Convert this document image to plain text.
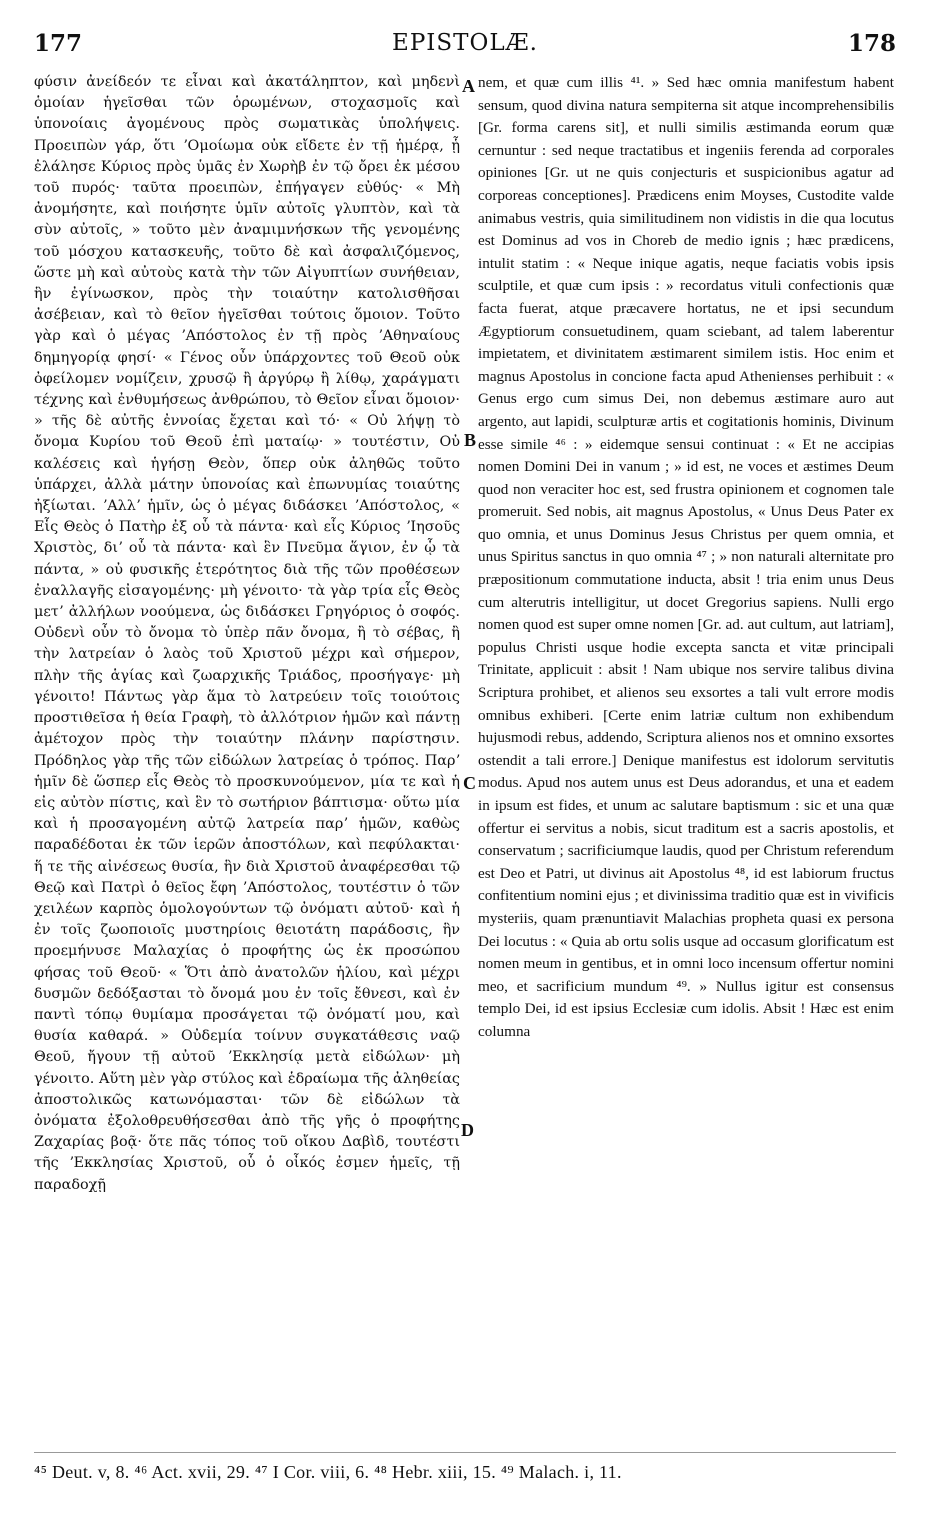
177	EPISTOLÆ.	178

φύσιν ἀνείδεόν τε εἶναι καὶ ἀκατάληπτον, καὶ μηδενὶ ὁμοίαν ἡγεῖσθαι τῶν ὁρωμένων, στοχασμοῖς καὶ ὑπονοίαις ἀγομένους πρὸς σωματικὰς ὑπολήψεις. Προειπὼν γάρ, ὅτι ʼΟμοίωμα οὐκ εἴδετε ἐν τῇ ἡμέρᾳ, ᾗ ἐλάλησε Κύριος πρὸς ὑμᾶς ἐν Χωρὴβ ἐν τῷ ὄρει ἐκ μέσου τοῦ πυρός· ταῦτα προειπὼν, ἐπήγαγεν εὐθύς· « Μὴ ἀνομήσητε, καὶ ποιήσητε ὑμῖν αὐτοῖς γλυπτὸν, καὶ τὰ σὺν αὐτοῖς, » τοῦτο μὲν ἀναμιμνήσκων τῆς γενομένης τοῦ μόσχου κατασκευῆς, τοῦτο δὲ καὶ ἀσφαλιζόμενος, ὥστε μὴ καὶ αὐτοὺς κατὰ τὴν τῶν Αἰγυπτίων συνήθειαν, ἣν ἐγίνωσκον, πρὸς τὴν τοιαύτην κατολισθῆσαι ἀσέβειαν, καὶ τὸ θεῖον ἡγεῖσθαι τούτοις ὅμοιον. Τοῦτο γὰρ καὶ ὁ μέγας ʼΑπόστολος ἐν τῇ πρὸς ʼΑθηναίους δημηγορίᾳ φησί· « Γένος οὖν ὑπάρχοντες τοῦ Θεοῦ οὐκ ὀφείλομεν νομίζειν, χρυσῷ ἢ ἀργύρῳ ἢ λίθῳ, χαράγματι τέχνης καὶ ἐνθυμήσεως ἀνθρώπου, τὸ Θεῖον εἶναι ὅμοιον· » τῆς δὲ αὐτῆς ἐννοίας ἔχεται καὶ τό· « Οὐ λήψῃ τὸ ὄνομα Κυρίου τοῦ Θεοῦ ἐπὶ ματαίῳ· » τουτέστιν, Οὐ καλέσεις καὶ ἡγήσῃ Θεὸν, ὅπερ οὐκ ἀληθῶς τοῦτο ὑπάρχει, ἀλλὰ μάτην ὑπονοίας καὶ ἐπωνυμίας τοιαύτης ἠξίωται. ʼΑλλʼ ἡμῖν, ὡς ὁ μέγας διδάσκει ʼΑπόστολος, « Εἷς Θεὸς ὁ Πατὴρ ἐξ οὗ τὰ πάντα· καὶ εἷς Κύριος ʼΙησοῦς Χριστὸς, διʼ οὗ τὰ πάντα· καὶ ἓν Πνεῦμα ἅγιον, ἐν ᾧ τὰ πάντα, » οὐ φυσικῆς ἑτερότητος διὰ τῆς τῶν προθέσεων ἐναλλαγῆς εἰσαγομένης· μὴ γένοιτο· τὰ γὰρ τρία εἷς Θεὸς μετʼ ἀλλήλων νοούμενα, ὡς διδάσκει Γρηγόριος ὁ σοφός. Οὐδενὶ οὖν τὸ ὄνομα τὸ ὑπὲρ πᾶν ὄνομα, ἢ τὸ σέβας, ἢ τὴν λατρείαν ὁ λαὸς τοῦ Χριστοῦ μέχρι καὶ σήμερον, πλὴν τῆς ἁγίας καὶ ζωαρχικῆς Τριάδος, προσήγαγε· μὴ γένοιτο! Πάντως γὰρ ἅμα τὸ λατρεύειν τοῖς τοιούτοις προστιθεῖσα ἡ θεία Γραφὴ, τὸ ἀλλότριον ἡμῶν καὶ πάντῃ ἀμέτοχον πρὸς τὴν τοιαύτην πλάνην παρίστησιν. Πρόδηλος γὰρ τῆς τῶν εἰδώλων λατρείας ὁ τρόπος. Παρʼ ἡμῖν δὲ ὥσπερ εἷς Θεὸς τὸ προσκυνούμενον, μία τε καὶ ἡ εἰς αὐτὸν πίστις, καὶ ἓν τὸ σωτήριον βάπτισμα· οὕτω μία καὶ ἡ προσαγομένη αὐτῷ λατρεία παρʼ ἡμῶν, καθὼς παραδέδοται ἐκ τῶν ἱερῶν ἀποστόλων, καὶ πεφύλακται· ἥ τε τῆς αἰνέσεως θυσία, ἣν διὰ Χριστοῦ ἀναφέρεσθαι τῷ Θεῷ καὶ Πατρὶ ὁ θεῖος ἔφη ʼΑπόστολος, τουτέστιν ὁ τῶν χειλέων καρπὸς ὁμολογούντων τῷ ὀνόματι αὐτοῦ· καὶ ἡ ἐν τοῖς ζωοποιοῖς μυστηρίοις θειοτάτη παράδοσις, ἣν προεμήνυσε Μαλαχίας ὁ προφήτης ὡς ἐκ προσώπου φήσας τοῦ Θεοῦ· « Ὅτι ἀπὸ ἀνατολῶν ἡλίου, καὶ μέχρι δυσμῶν δεδόξασται τὸ ὄνομά μου ἐν τοῖς ἔθνεσι, καὶ ἐν παντὶ τόπῳ θυμίαμα προσάγεται τῷ ὀνόματί μου, καὶ θυσία καθαρά. » Οὐδεμία τοίνυν συγκατάθεσις ναῷ Θεοῦ, ἤγουν τῇ αὐτοῦ ʼΕκκλησίᾳ μετὰ εἰδώλων· μὴ γένοιτο. Αὕτη μὲν γὰρ στύλος καὶ ἑδραίωμα τῆς ἀληθείας ἀποστολικῶς κατωνόμασται· τῶν δὲ εἰδώλων τὰ ὀνόματα ἐξολοθρευθήσεσθαι ἀπὸ τῆς γῆς ὁ προφήτης Ζαχαρίας βοᾷ· ὅτε πᾶς τόπος τοῦ οἴκου Δαβὶδ, τουτέστι τῆς ʼΕκκλησίας Χριστοῦ, οὗ ὁ οἶκός ἐσμεν ἡμεῖς, τῇ παραδοχῇ

A
B
C
D

nem, et quæ cum illis ⁴¹. » Sed hæc omnia manifestum habent sensum, quod divina natura sempiterna sit atque incomprehensibilis [Gr. forma carens sit], et nulli similis æstimanda eorum quæ cernuntur : sed neque tractatibus et ingeniis ferenda ad corporales opiniones [Gr. ut ne quis conjecturis et suspicionibus agatur ad corporeas conceptiones]. Prædicens enim Moyses, Custodite valde animabus vestris, quia similitudinem non vidistis in die qua locutus est Dominus ad vos in Choreb de medio ignis ; hæc prædicens, intulit statim : « Neque inique agatis, neque faciatis vobis ipsis sculptile, et quæ cum ipsis : » recordatus vituli confectionis quæ facta fuerat, atque præcavere hortatus, ne et ipsi secundum Ægyptiorum consuetudinem, quam sciebant, ad talem laberentur impietatem, et divinitatem æstimarent similem istis. Hoc enim et magnus Apostolus in concione facta apud Athenienses perhibuit : « Genus ergo cum simus Dei, non debemus æstimare auro aut argento, aut lapidi, sculpturæ artis et cogitationis hominis, Divinum esse simile ⁴⁶ : » eidemque sensui continuat : « Et ne accipias nomen Domini Dei in vanum ; » id est, ne voces et æstimes Deum quod non veraciter hoc est, sed frustra opinionem et cognomen tale promeruit. Sed nobis, ait magnus Apostolus, « Unus Deus Pater ex quo omnia, et unus Dominus Jesus Christus per quem omnia, et unus Spiritus sanctus in quo omnia ⁴⁷ ; » non naturali alternitate pro præpositionum commutatione inducta, absit ! tria enim unus Deus cum alterutris intelligitur, ut docet Gregorius sapiens. Nulli ergo nomen quod est super omne nomen [Gr. ad. aut cultum, aut latriam], populus Christi usque hodie excepta sancta et vitæ principali Trinitate, applicuit : absit ! Nam ubique nos servire talibus divina Scriptura prohibet, et alienos seu exsortes a tali vult errore modis omnibus exhiberi. [Certe enim latriæ cultum non exhibendum hujusmodi rebus, addendo, Scriptura alienos nos et omnino exsortes ostendit a tali errore.] Denique manifestus est idolorum servitutis modus. Apud nos autem unus est Deus adorandus, et una et eadem in ipsum est fides, et unum ac salutare baptismum : sic et una quæ offertur ei servitus a nobis, sicut traditum est a sacris apostolis, et conservatum ; sacrificiumque laudis, quod per Christum referendum est Deo et Patri, ut divinus ait Apostolus ⁴⁸, id est labiorum fructus confitentium nomini ejus ; et divinissima traditio quæ est in vivificis mysteriis, quam prænuntiavit Malachias propheta quasi ex persona Dei locutus : « Quia ab ortu solis usque ad occasum glorificatum est nomen meum in gentibus, et in omni loco incensum offertur nomini meo, et sacrificium mundum ⁴⁹. » Nullus igitur est consensus templo Dei, id est ipsius Ecclesiæ cum idolis. Absit ! Hæc est enim columna

⁴⁵ Deut. v, 8. ⁴⁶ Act. xvii, 29. ⁴⁷ I Cor. viii, 6. ⁴⁸ Hebr. xiii, 15. ⁴⁹ Malach. i, 11.
